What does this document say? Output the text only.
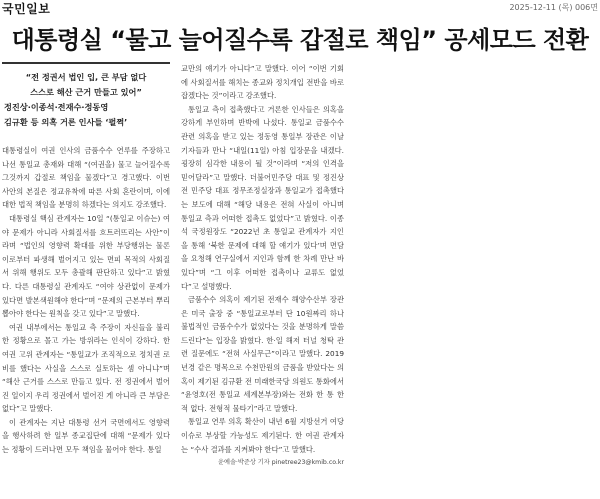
국민일보	2025-12-11 (목) 006면
대통령실 “물고 늘어질수록 갑절로 책임” 공세모드 전환

“전 정권서 법인 입, 큰 부담 없다

스스로 해산 근거 만들고 있어”

정진상·이종석·전재수·정동영

김규환 등 의혹 거론 인사들 ‘펄쩍’

대통령실이 여권 인사의 금품수수 연루를 주장하고 나선 통일교 총재와 대해 “(여권을) 물고 늘어질수록 그것까지 갑절로 책임을 물겠다”고 경고했다. 이번 사안의 본질은 정교유착에 따른 사회 혼란이며, 이에 대한 법적 책임을 분명히 하겠다는 의지도 강조했다.

대통령실 핵심 관계자는 10일 “(통일교 이슈는) 여야 문제가 아니라 사회질서를 흐트러뜨리는 사안”이라며 “법인의 영향력 확대를 위한 부당행위는 물론 이로부터 파생해 벌어지고 있는 면피 목적의 사회질서 위해 행위도 모두 총괄해 판단하고 있다”고 밝혔다. 다른 대통령실 관계자도 “여야 상관없이 문제가 있다면 발본색원해야 한다”며 “문제의 근본부터 뿌리 뽑아야 한다는 원칙을 갖고 있다”고 말했다.

여권 내부에서는 통일교 측 주장이 자신들을 불리한 정황으로 몰고 가는 방위라는 인식이 강하다. 한 여권 고위 관계자는 “통일교가 조직적으로 정치권 로비를 했다는 사실을 스스로 실토하는 셈 아니냐”며 “해산 근거를 스스로 만들고 있다. 전 정권에서 벌어진 일이지 우리 정권에서 벌어진 게 아니라 큰 부담은 없다”고 말했다.

이 관계자는 지난 대통령 선거 국면에서도 영향력을 행사하려 한 일부 종교집단에 대해 “문제가 있다는 정황이 드러나면 모두 책임을 물어야 한다. 통일

교만의 얘기가 아니다”고 말했다. 이어 “이번 기회에 사회질서를 해치는 종교와 정치개입 전반을 바로잡겠다는 것”이라고 강조했다.

통일교 측이 접촉했다고 거론한 인사들은 의혹을 강하게 부인하며 반박에 나섰다. 통일교 금품수수 관련 의혹을 받고 있는 정동영 통일부 장관은 이날 기자들과 만나 “내일(11일) 아침 입장문을 내겠다. 굉장히 심각한 내용이 될 것”이라며 “저의 인격을 믿어달라”고 말했다. 더불어민주당 대표 및 정진상 전 민주당 대표 정무조정실장과 통일교가 접촉했다는 보도에 대해 “해당 내용은 전혀 사실이 아니며 통일교 측과 어떠한 접촉도 없었다”고 밝혔다. 이종석 국정원장도 “2022년 초 통일교 관계자가 지인을 통해 ‘북한 문제에 대해 할 얘기가 있다’며 면담을 요청해 연구실에서 지인과 함께 한 차례 만난 바 있다”며 “그 이후 어떠한 접촉이나 교류도 없었다”고 설명했다.

금품수수 의혹이 제기된 전재수 해양수산부 장관은 미국 출장 중 “통일교로부터 단 10원짜리 하나 불법적인 금품수수가 없었다는 것을 분명하게 말씀드린다”는 입장을 밝혔다. 한·일 해저 터널 청탁 관련 질문에도 “전혀 사실무근”이라고 말했다. 2019년경 같은 명목으로 수천만원의 금품을 받았다는 의혹이 제기된 김규환 전 미래한국당 의원도 통화에서 “윤영호(전 통일교 세계본부장)와는 전화 한 통 한 적 없다. 전형적 물타기”라고 말했다.

통일교 연루 의혹 확산이 내년 6월 지방선거 여당 이슈로 부상할 가능성도 제기된다. 한 여권 관계자는 “수사 결과를 지켜봐야 한다”고 말했다.

윤예솔·박준상 기자 pinetree23@kmib.co.kr
